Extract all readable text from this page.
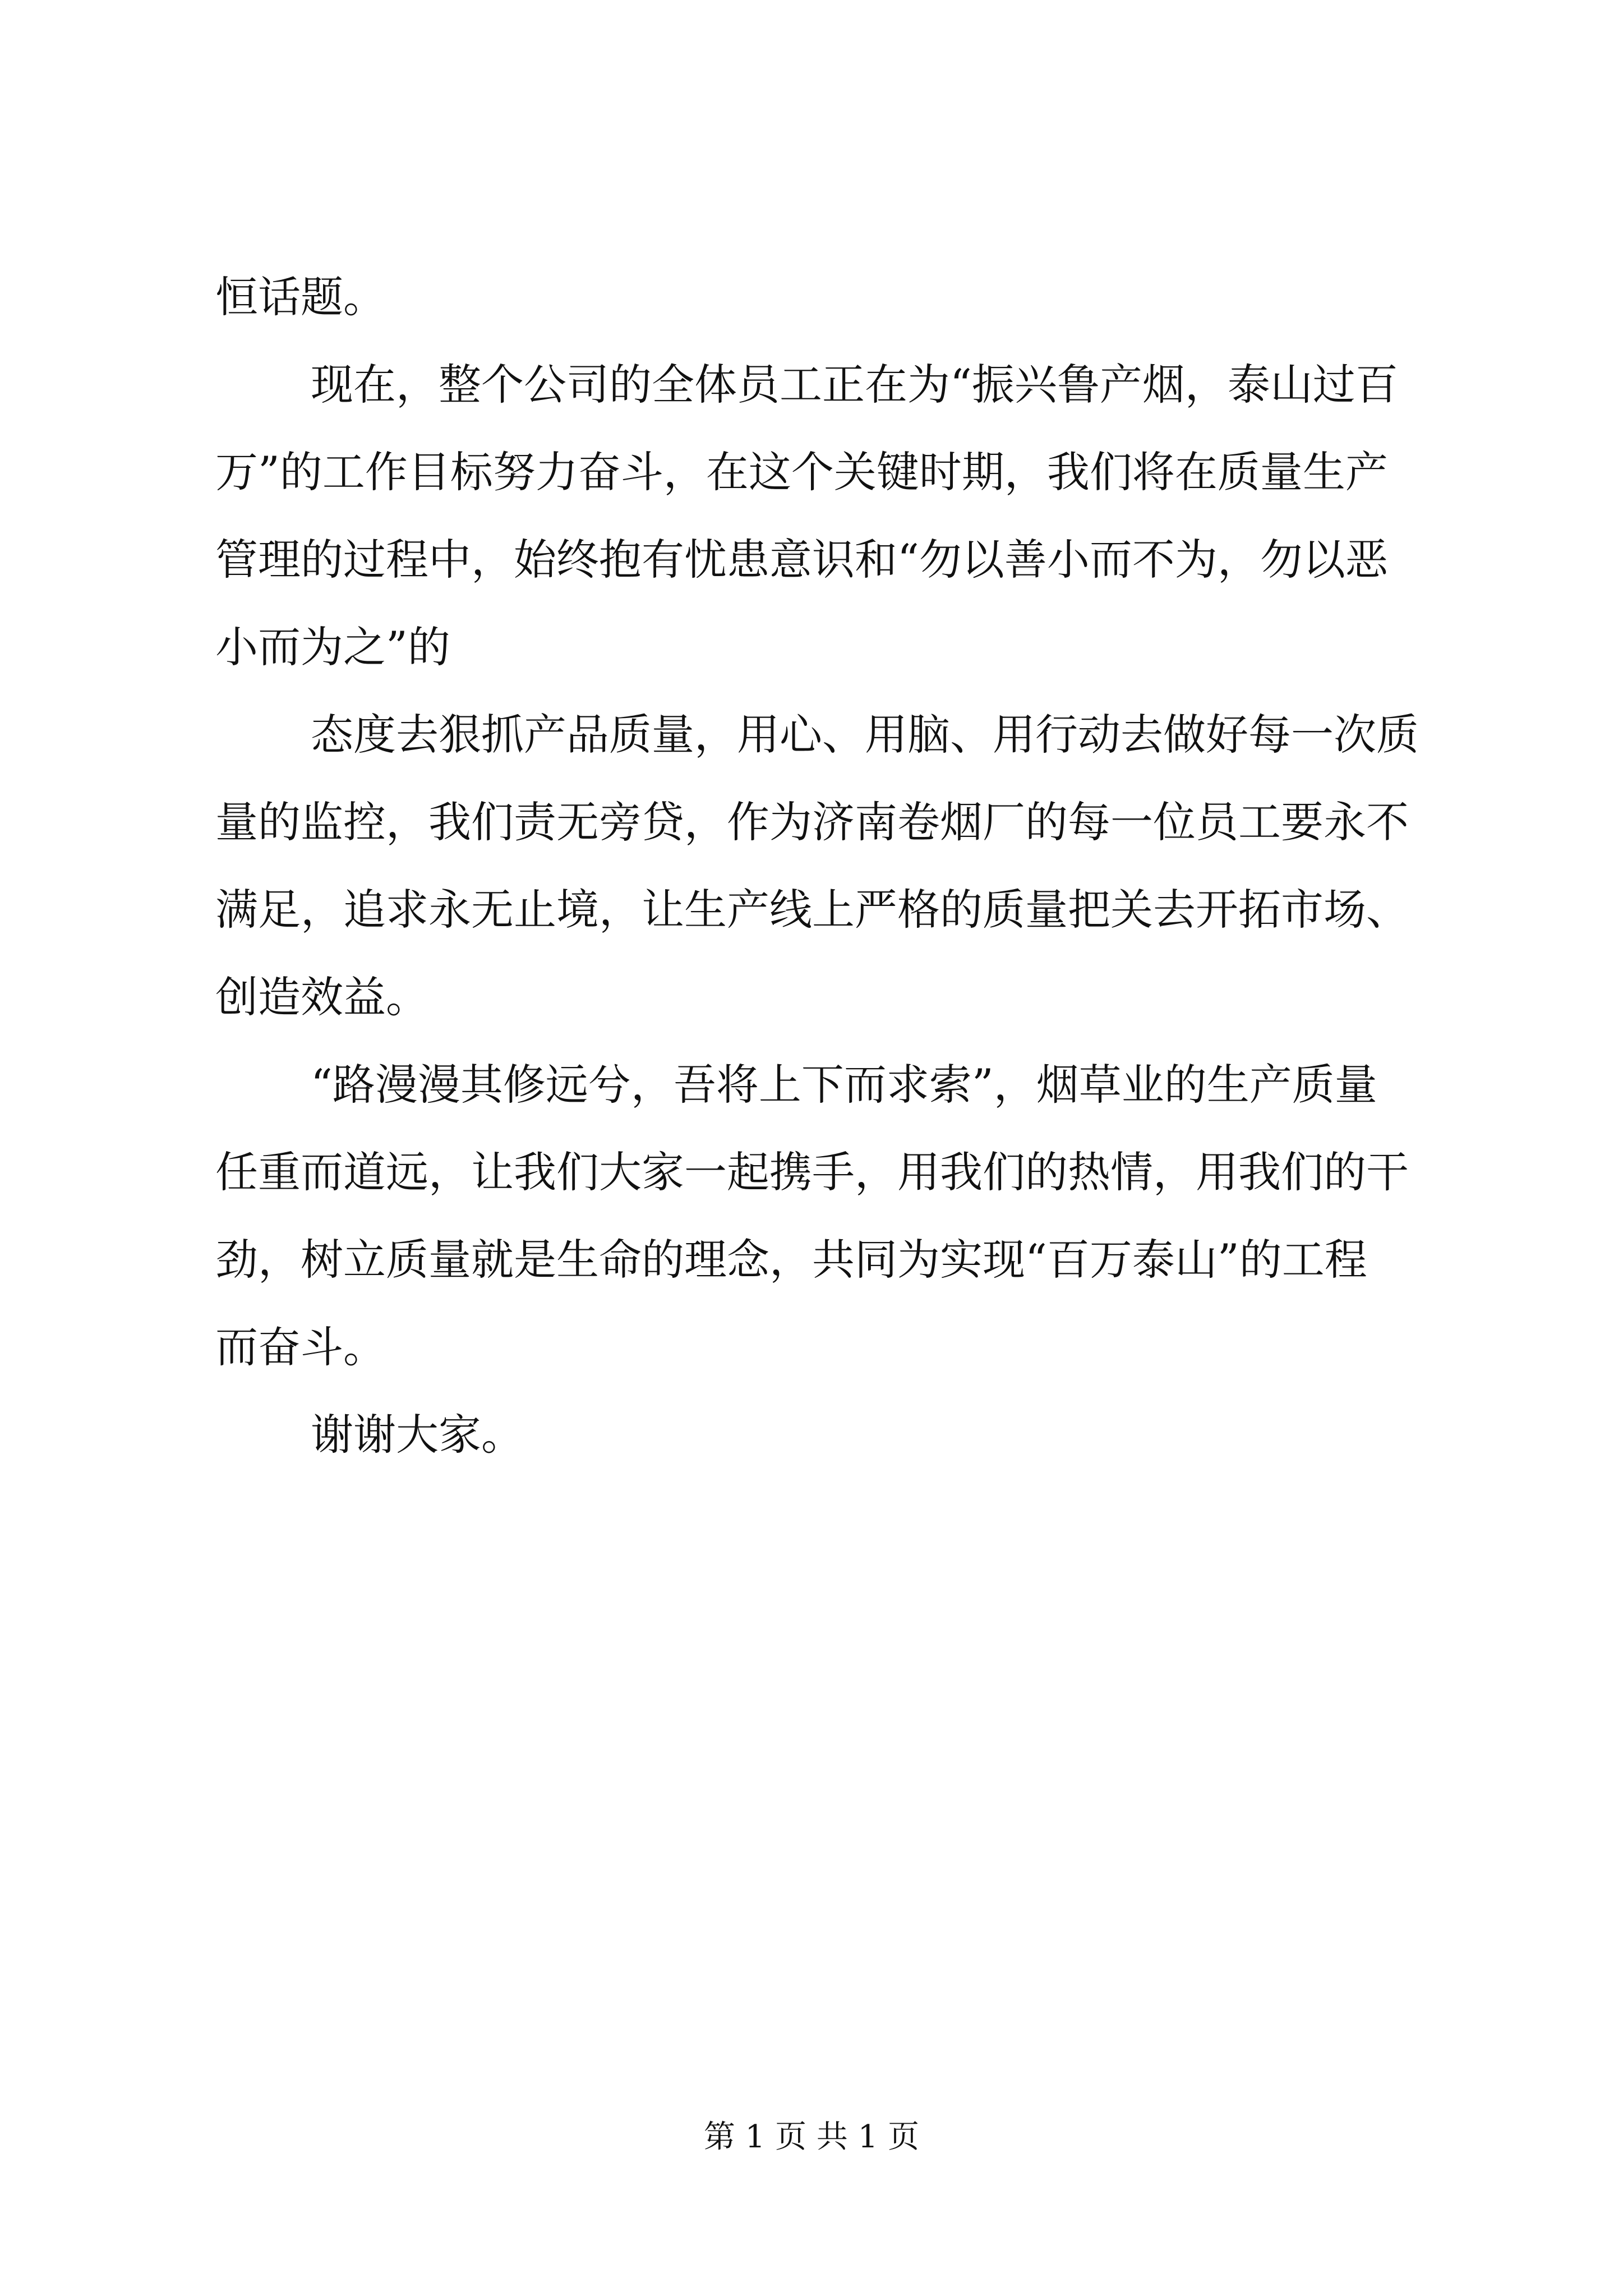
恒话题。
现在，整个公司的全体员工正在为“振兴鲁产烟，泰山过百
万”的工作目标努力奋斗，在这个关键时期，我们将在质量生产
管理的过程中，始终抱有忧患意识和“勿以善小而不为，勿以恶
小而为之”的
态度去狠抓产品质量，用心、用脑、用行动去做好每一次质
量的监控，我们责无旁贷，作为济南卷烟厂的每一位员工要永不
满足，追求永无止境，让生产线上严格的质量把关去开拓市场、
创造效益。
“路漫漫其修远兮，吾将上下而求索”，烟草业的生产质量
任重而道远，让我们大家一起携手，用我们的热情，用我们的干
劲，树立质量就是生命的理念，共同为实现“百万泰山”的工程
而奋斗。
谢谢大家。
第 1 页 共 1 页
